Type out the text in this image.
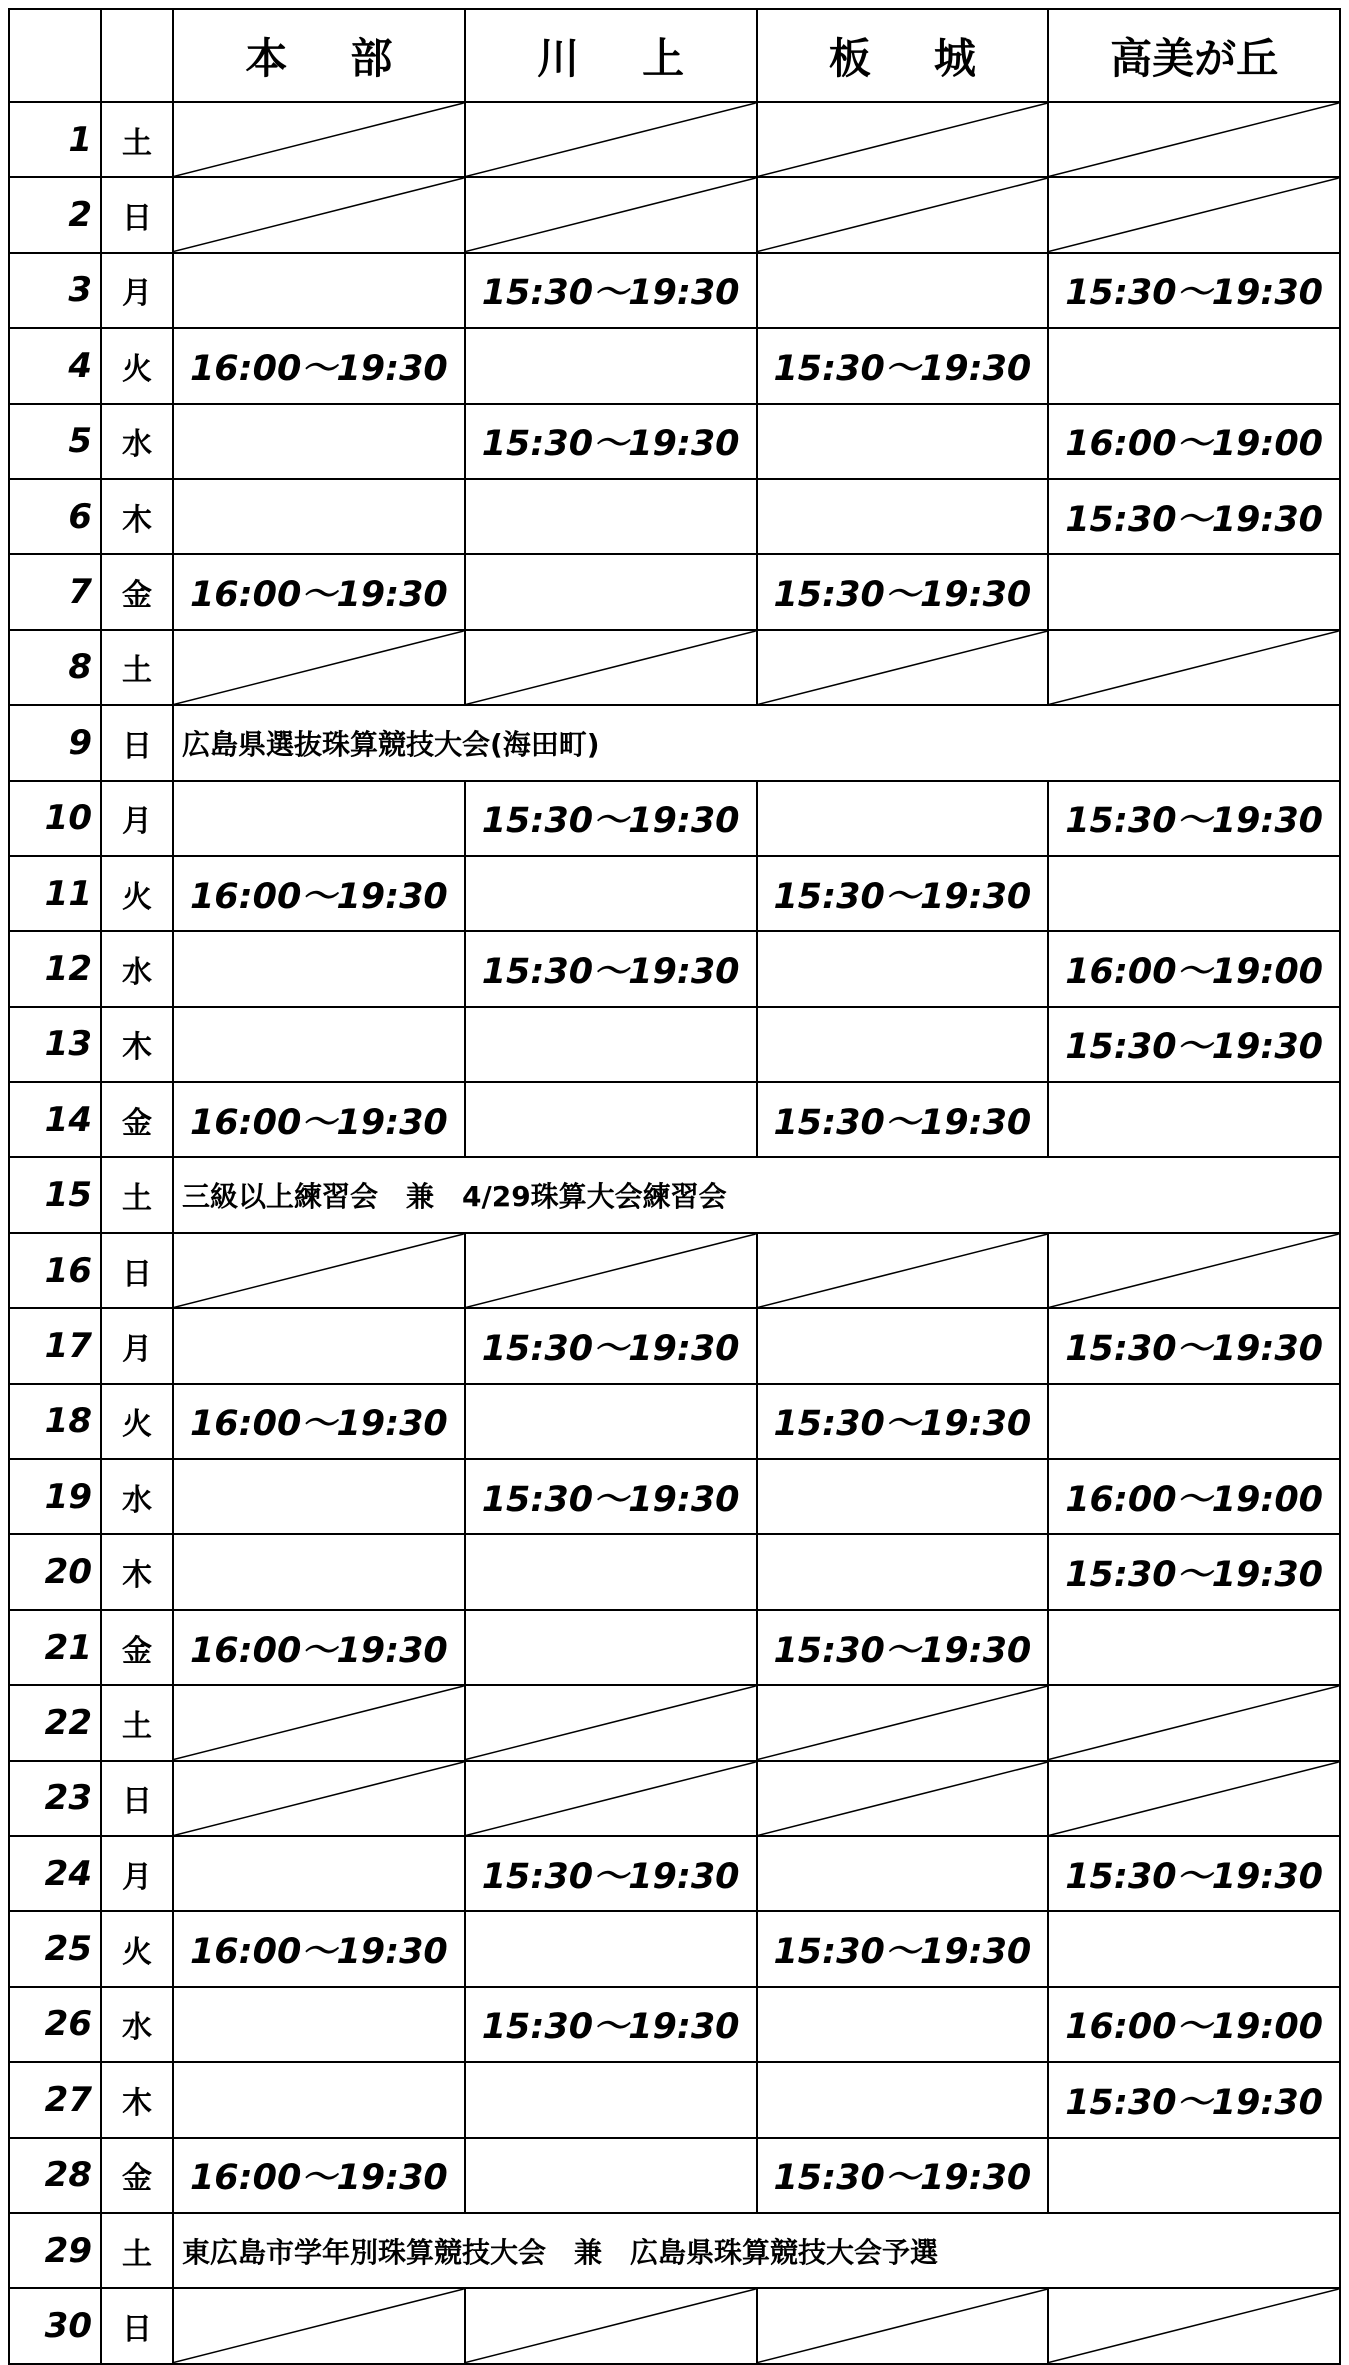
		本部	川上	板城	高美が丘
1	土	

2	日	

3	月		15:30～19:30		15:30～19:30
4	火	16:00～19:30		15:30～19:30	
5	水		15:30～19:30		16:00～19:00
6	木				15:30～19:30
7	金	16:00～19:30		15:30～19:30	
8	土	

9	日	広島県選抜珠算競技大会(海田町)			
10	月		15:30～19:30		15:30～19:30
11	火	16:00～19:30		15:30～19:30	
12	水		15:30～19:30		16:00～19:00
13	木				15:30～19:30
14	金	16:00～19:30		15:30～19:30	
15	土	三級以上練習会　兼　4/29珠算大会練習会			
16	日	

17	月		15:30～19:30		15:30～19:30
18	火	16:00～19:30		15:30～19:30	
19	水		15:30～19:30		16:00～19:00
20	木				15:30～19:30
21	金	16:00～19:30		15:30～19:30	
22	土	

23	日	

24	月		15:30～19:30		15:30～19:30
25	火	16:00～19:30		15:30～19:30	
26	水		15:30～19:30		16:00～19:00
27	木				15:30～19:30
28	金	16:00～19:30		15:30～19:30	
29	土	東広島市学年別珠算競技大会　兼　広島県珠算競技大会予選			
30	日	
